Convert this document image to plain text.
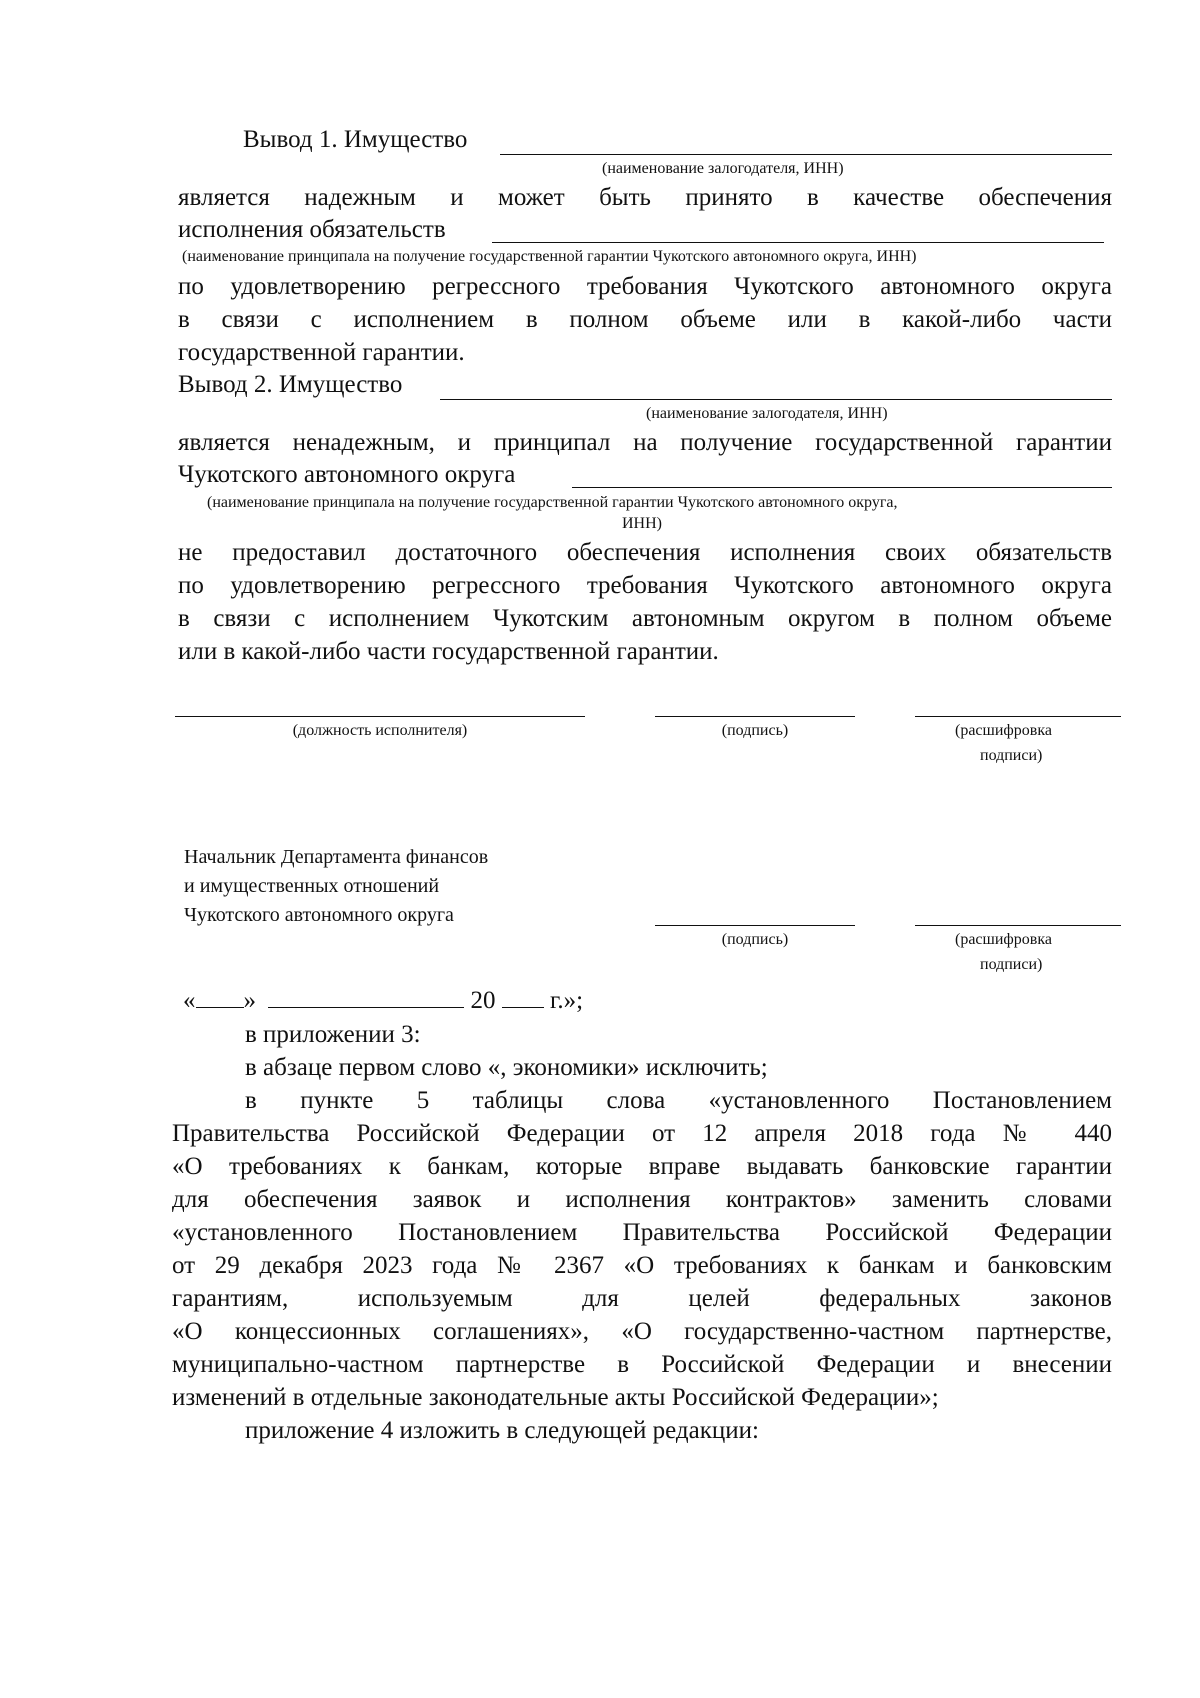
Вывод 1. Имущество
(наименование залогодателя, ИНН)
является надежным и может быть принято в качестве обеспечения
исполнения обязательств
(наименование принципала на получение государственной гарантии Чукотского автономного округа, ИНН)
по удовлетворению регрессного требования Чукотского автономного округа
в связи с исполнением в полном объеме или в какой-либо части
государственной гарантии.
Вывод 2. Имущество
(наименование залогодателя, ИНН)
является ненадежным, и принципал на получение государственной гарантии
Чукотского автономного округа
(наименование принципала на получение государственной гарантии Чукотского автономного округа,
ИНН)
не предоставил достаточного обеспечения исполнения своих обязательств
по удовлетворению регрессного требования Чукотского автономного округа
в связи с исполнением Чукотским автономным округом в полном объеме
или в какой-либо части государственной гарантии.
(должность исполнителя)	(подпись)	(расшифровка
подписи)
Начальник Департамента финансов
и имущественных отношений
Чукотского автономного округа
(подпись)	(расшифровка
подписи)
« »	20 г.»;
в приложении 3:
в абзаце первом слово «, экономики» исключить;
в пункте 5 таблицы слова «установленного Постановлением
Правительства Российской Федерации от 12 апреля 2018 года № 440
«О требованиях к банкам, которые вправе выдавать банковские гарантии
для обеспечения заявок и исполнения контрактов» заменить словами
«установленного Постановлением Правительства Российской Федерации
от 29 декабря 2023 года № 2367 «О требованиях к банкам и банковским
гарантиям, используемым для целей федеральных законов
«О концессионных соглашениях», «О государственно-частном партнерстве,
муниципально-частном партнерстве в Российской Федерации и внесении
изменений в отдельные законодательные акты Российской Федерации»;
приложение 4 изложить в следующей редакции:
